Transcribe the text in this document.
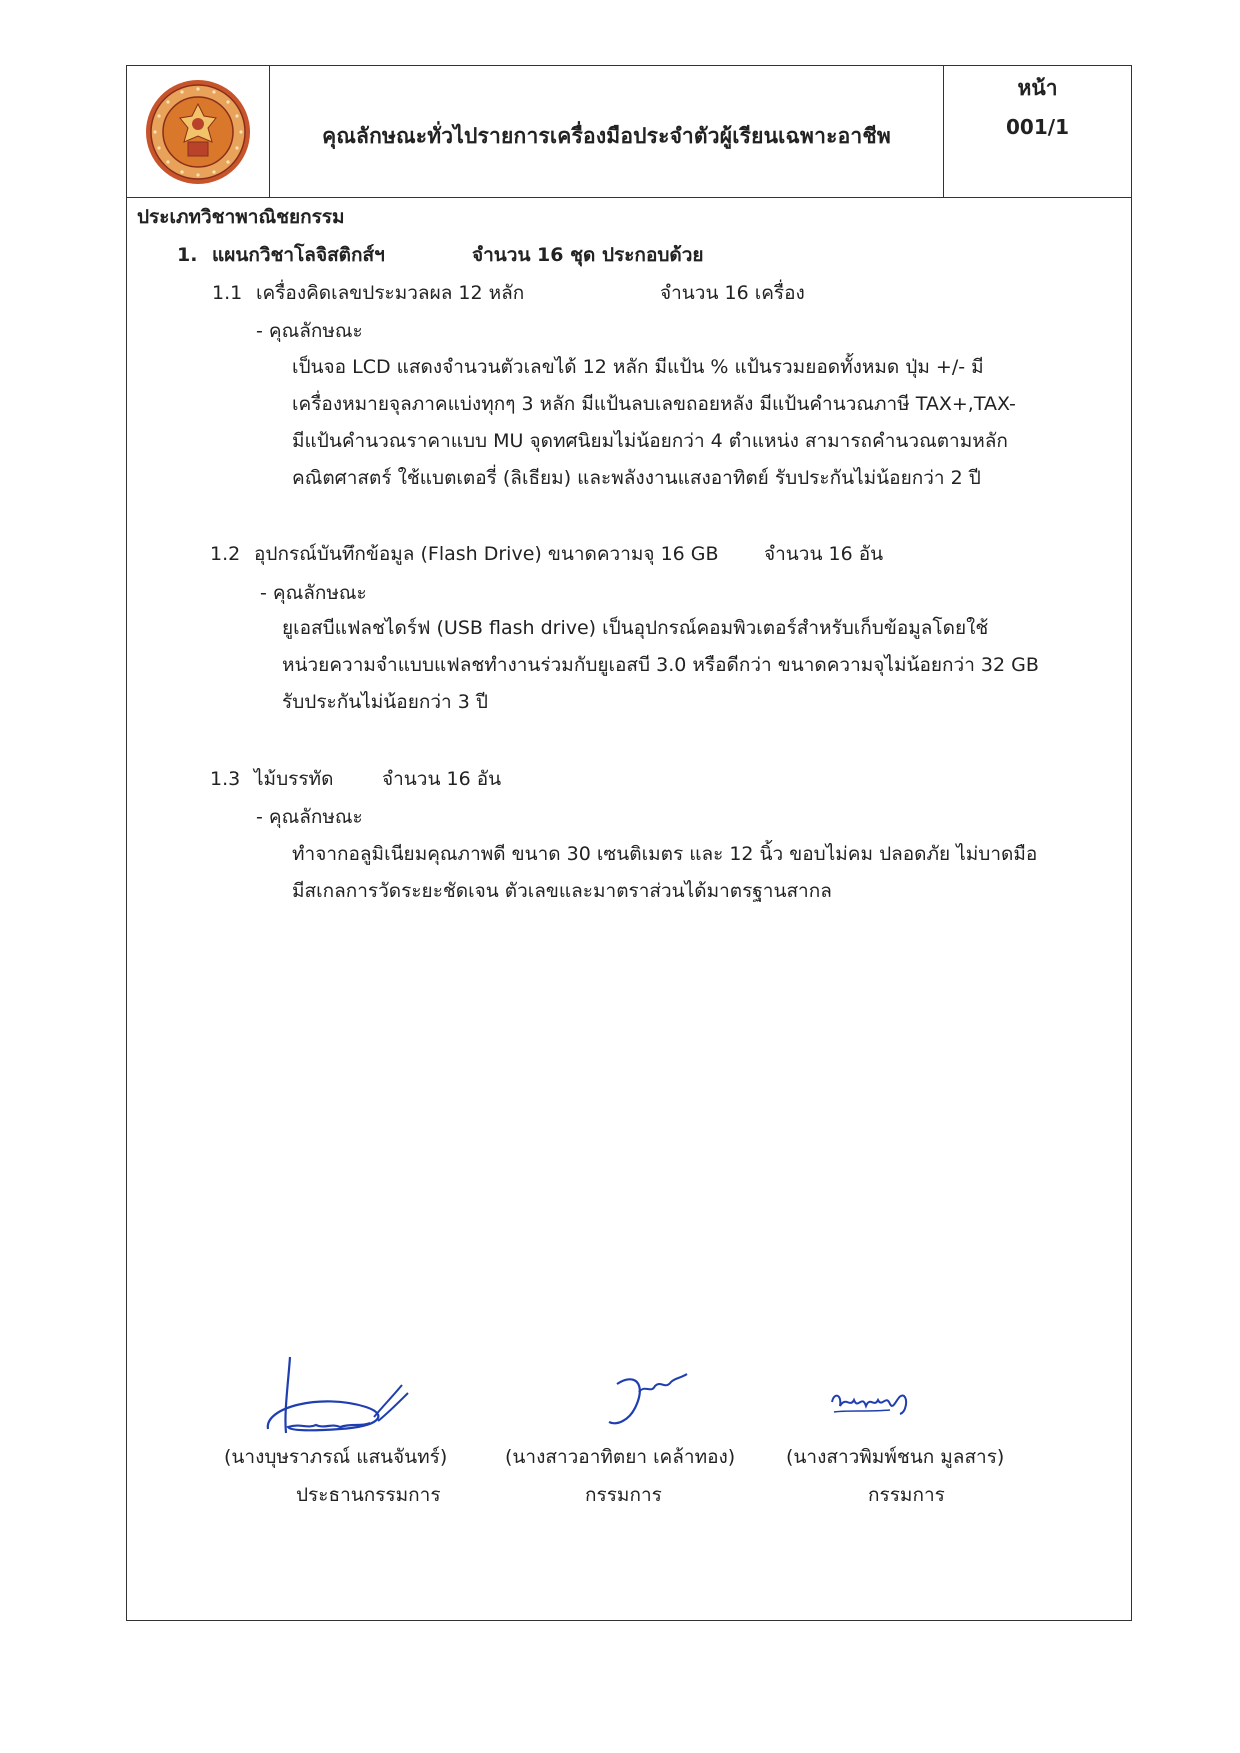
คุณลักษณะทั่วไปรายการเครื่องมือประจำตัวผู้เรียนเฉพาะอาชีพ
หน้า
001/1
ประเภทวิชาพาณิชยกรรม
1. แผนกวิชาโลจิสติกส์ฯ	จำนวน 16 ชุด ประกอบด้วย
1.1 เครื่องคิดเลขประมวลผล 12 หลัก	จำนวน 16 เครื่อง
- คุณลักษณะ
เป็นจอ LCD แสดงจำนวนตัวเลขได้ 12 หลัก มีแป้น % แป้นรวมยอดทั้งหมด ปุ่ม +/- มี
เครื่องหมายจุลภาคแบ่งทุกๆ 3 หลัก มีแป้นลบเลขถอยหลัง มีแป้นคำนวณภาษี TAX+,TAX-
มีแป้นคำนวณราคาแบบ MU จุดทศนิยมไม่น้อยกว่า 4 ตำแหน่ง สามารถคำนวณตามหลัก
คณิตศาสตร์ ใช้แบตเตอรี่ (ลิเธียม) และพลังงานแสงอาทิตย์ รับประกันไม่น้อยกว่า 2 ปี
1.2 อุปกรณ์บันทึกข้อมูล (Flash Drive) ขนาดความจุ 16 GB จำนวน 16 อัน
- คุณลักษณะ
ยูเอสบีแฟลชไดร์ฟ (USB flash drive) เป็นอุปกรณ์คอมพิวเตอร์สำหรับเก็บข้อมูลโดยใช้
หน่วยความจำแบบแฟลชทำงานร่วมกับยูเอสบี 3.0 หรือดีกว่า ขนาดความจุไม่น้อยกว่า 32 GB
รับประกันไม่น้อยกว่า 3 ปี
1.3 ไม้บรรทัด	จำนวน 16 อัน
- คุณลักษณะ
ทำจากอลูมิเนียมคุณภาพดี ขนาด 30 เซนติเมตร และ 12 นิ้ว ขอบไม่คม ปลอดภัย ไม่บาดมือ
มีสเกลการวัดระยะชัดเจน ตัวเลขและมาตราส่วนได้มาตรฐานสากล
(นางบุษราภรณ์ แสนจันทร์)	(นางสาวอาทิตยา เคล้าทอง)	(นางสาวพิมพ์ชนก มูลสาร)
ประธานกรรมการ	กรรมการ	กรรมการ
